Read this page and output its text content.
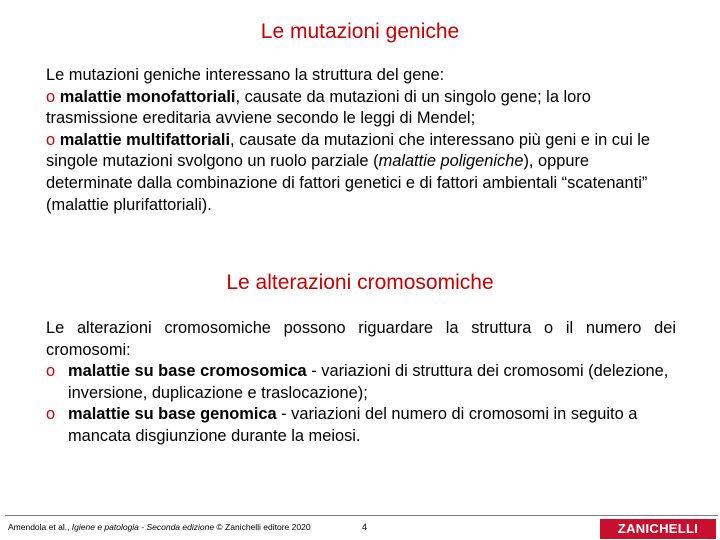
Le mutazioni geniche
Le mutazioni geniche interessano la struttura del gene:
o malattie monofattoriali, causate da mutazioni di un singolo gene; la loro trasmissione ereditaria avviene secondo le leggi di Mendel;
o malattie multifattoriali, causate da mutazioni che interessano più geni e in cui le singole mutazioni svolgono un ruolo parziale (malattie poligeniche), oppure determinate dalla combinazione di fattori genetici e di fattori ambientali “scatenanti” (malattie plurifattoriali).
Le alterazioni cromosomiche
Le alterazioni cromosomiche possono riguardare la struttura o il numero dei cromosomi:
o malattie su base cromosomica - variazioni di struttura dei cromosomi (delezione, inversione, duplicazione e traslocazione);
o malattie su base genomica - variazioni del numero di cromosomi in seguito a mancata disgiunzione durante la meiosi.
Amendola et al., Igiene e patologia - Seconda edizione © Zanichelli editore 2020	4	ZANICHELLI
